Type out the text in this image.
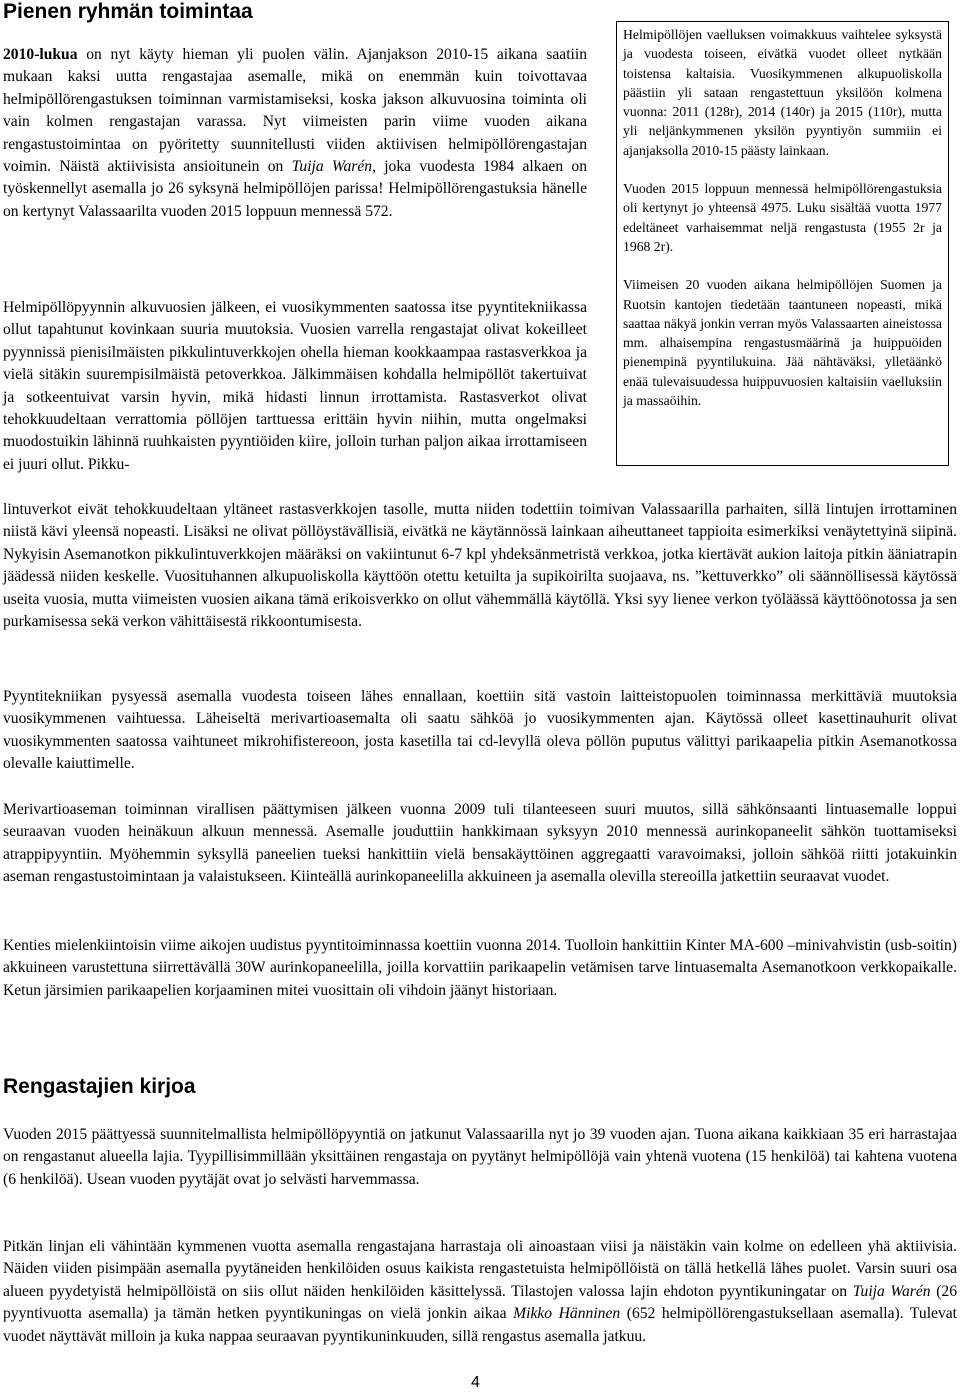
Pienen ryhmän toimintaa

Helmipöllöjen vaelluksen voimakkuus vaihtelee syksystä ja vuodesta toiseen, eivätkä vuodet olleet nytkään toistensa kaltaisia. Vuosikymmenen alkupuoliskolla päästiin yli sataan rengastettuun yksilöön kolmena vuonna: 2011 (128r), 2014 (140r) ja 2015 (110r), mutta yli neljänkymmenen yksilön pyyntiyön summiin ei ajanjaksolla 2010-15 päästy lainkaan.

Vuoden 2015 loppuun mennessä helmipöllörengastuksia oli kertynyt jo yhteensä 4975. Luku sisältää vuotta 1977 edeltäneet varhaisemmat neljä rengastusta (1955 2r ja 1968 2r).

Viimeisen 20 vuoden aikana helmipöllöjen Suomen ja Ruotsin kantojen tiedetään taantuneen nopeasti, mikä saattaa näkyä jonkin verran myös Valassaarten aineistossa mm. alhaisempina rengastusmäärinä ja huippuöiden pienempinä pyyntilukuina. Jää nähtäväksi, ylletäänkö enää tulevaisuudessa huippuvuosien kaltaisiin vaelluksiin ja massaöihin.

2010-lukua on nyt käyty hieman yli puolen välin. Ajanjakson 2010-15 aikana saatiin mukaan kaksi uutta rengastajaa asemalle, mikä on enemmän kuin toivottavaa helmipöllörengastuksen toiminnan varmistamiseksi, koska jakson alkuvuosina toiminta oli vain kolmen rengastajan varassa. Nyt viimeisten parin viime vuoden aikana rengastustoimintaa on pyöritetty suunnitellusti viiden aktiivisen helmipöllörengastajan voimin. Näistä aktiivisista ansioitunein on Tuija Warén, joka vuodesta 1984 alkaen on työskennellyt asemalla jo 26 syksynä helmipöllöjen parissa! Helmipöllörengastuksia hänelle on kertynyt Valassaarilta vuoden 2015 loppuun mennessä 572.

Helmipöllöpyynnin alkuvuosien jälkeen, ei vuosikymmenten saatossa itse pyyntitekniikassa ollut tapahtunut kovinkaan suuria muutoksia. Vuosien varrella rengastajat olivat kokeilleet pyynnissä pienisilmäisten pikkulintuverkkojen ohella hieman kookkaampaa rastasverkkoa ja vielä sitäkin suurempisilmäistä petoverkkoa. Jälkimmäisen kohdalla helmipöllöt takertuivat ja sotkeentuivat varsin hyvin, mikä hidasti linnun irrottamista. Rastasverkot olivat tehokkuudeltaan verrattomia pöllöjen tarttuessa erittäin hyvin niihin, mutta ongelmaksi muodostuikin lähinnä ruuhkaisten pyyntiöiden kiire, jolloin turhan paljon aikaa irrottamiseen ei juuri ollut. Pikku-

lintuverkot eivät tehokkuudeltaan yltäneet rastasverkkojen tasolle, mutta niiden todettiin toimivan Valassaarilla parhaiten, sillä lintujen irrottaminen niistä kävi yleensä nopeasti. Lisäksi ne olivat pöllöystävällisiä, eivätkä ne käytännössä lainkaan aiheuttaneet tappioita esimerkiksi venäytettyinä siipinä. Nykyisin Asemanotkon pikkulintuverkkojen määräksi on vakiintunut 6-7 kpl yhdeksänmetristä verkkoa, jotka kiertävät aukion laitoja pitkin ääniatrapin jäädessä niiden keskelle. Vuosituhannen alkupuoliskolla käyttöön otettu ketuilta ja supikoirilta suojaava, ns. ”kettuverkko” oli säännöllisessä käytössä useita vuosia, mutta viimeisten vuosien aikana tämä erikoisverkko on ollut vähemmällä käytöllä. Yksi syy lienee verkon työläässä käyttöönotossa ja sen purkamisessa sekä verkon vähittäisestä rikkoontumisesta.

Pyyntitekniikan pysyessä asemalla vuodesta toiseen lähes ennallaan, koettiin sitä vastoin laitteistopuolen toiminnassa merkittäviä muutoksia vuosikymmenen vaihtuessa. Läheiseltä merivartioasemalta oli saatu sähköä jo vuosikymmenten ajan. Käytössä olleet kasettinauhurit olivat vuosikymmenten saatossa vaihtuneet mikrohifistereoon, josta kasetilla tai cd-levyllä oleva pöllön puputus välittyi parikaapelia pitkin Asemanotkossa olevalle kaiuttimelle.

Merivartioaseman toiminnan virallisen päättymisen jälkeen vuonna 2009 tuli tilanteeseen suuri muutos, sillä sähkönsaanti lintuasemalle loppui seuraavan vuoden heinäkuun alkuun mennessä. Asemalle jouduttiin hankkimaan syksyyn 2010 mennessä aurinkopaneelit sähkön tuottamiseksi atrappipyyntiin. Myöhemmin syksyllä paneelien tueksi hankittiin vielä bensakäyttöinen aggregaatti varavoimaksi, jolloin sähköä riitti jotakuinkin aseman rengastustoimintaan ja valaistukseen. Kiinteällä aurinkopaneelilla akkuineen ja asemalla olevilla stereoilla jatkettiin seuraavat vuodet.

Kenties mielenkiintoisin viime aikojen uudistus pyyntitoiminnassa koettiin vuonna 2014. Tuolloin hankittiin Kinter MA-600 –minivahvistin (usb-soitin) akkuineen varustettuna siirrettävällä 30W aurinkopaneelilla, joilla korvattiin parikaapelin vetämisen tarve lintuasemalta Asemanotkoon verkkopaikalle. Ketun järsimien parikaapelien korjaaminen mitei vuosittain oli vihdoin jäänyt historiaan.

Rengastajien kirjoa

Vuoden 2015 päättyessä suunnitelmallista helmipöllöpyyntiä on jatkunut Valassaarilla nyt jo 39 vuoden ajan. Tuona aikana kaikkiaan 35 eri harrastajaa on rengastanut alueella lajia. Tyypillisimmillään yksittäinen rengastaja on pyytänyt helmipöllöjä vain yhtenä vuotena (15 henkilöä) tai kahtena vuotena (6 henkilöä). Usean vuoden pyytäjät ovat jo selvästi harvemmassa.

Pitkän linjan eli vähintään kymmenen vuotta asemalla rengastajana harrastaja oli ainoastaan viisi ja näistäkin vain kolme on edelleen yhä aktiivisia. Näiden viiden pisimpään asemalla pyytäneiden henkilöiden osuus kaikista rengastetuista helmipöllöistä on tällä hetkellä lähes puolet. Varsin suuri osa alueen pyydetyistä helmipöllöistä on siis ollut näiden henkilöiden käsittelyssä. Tilastojen valossa lajin ehdoton pyyntikuningatar on Tuija Warén (26 pyyntivuotta asemalla) ja tämän hetken pyyntikuningas on vielä jonkin aikaa Mikko Hänninen (652 helmipöllörengastuksellaan asemalla). Tulevat vuodet näyttävät milloin ja kuka nappaa seuraavan pyyntikuninkuuden, sillä rengastus asemalla jatkuu.

4
